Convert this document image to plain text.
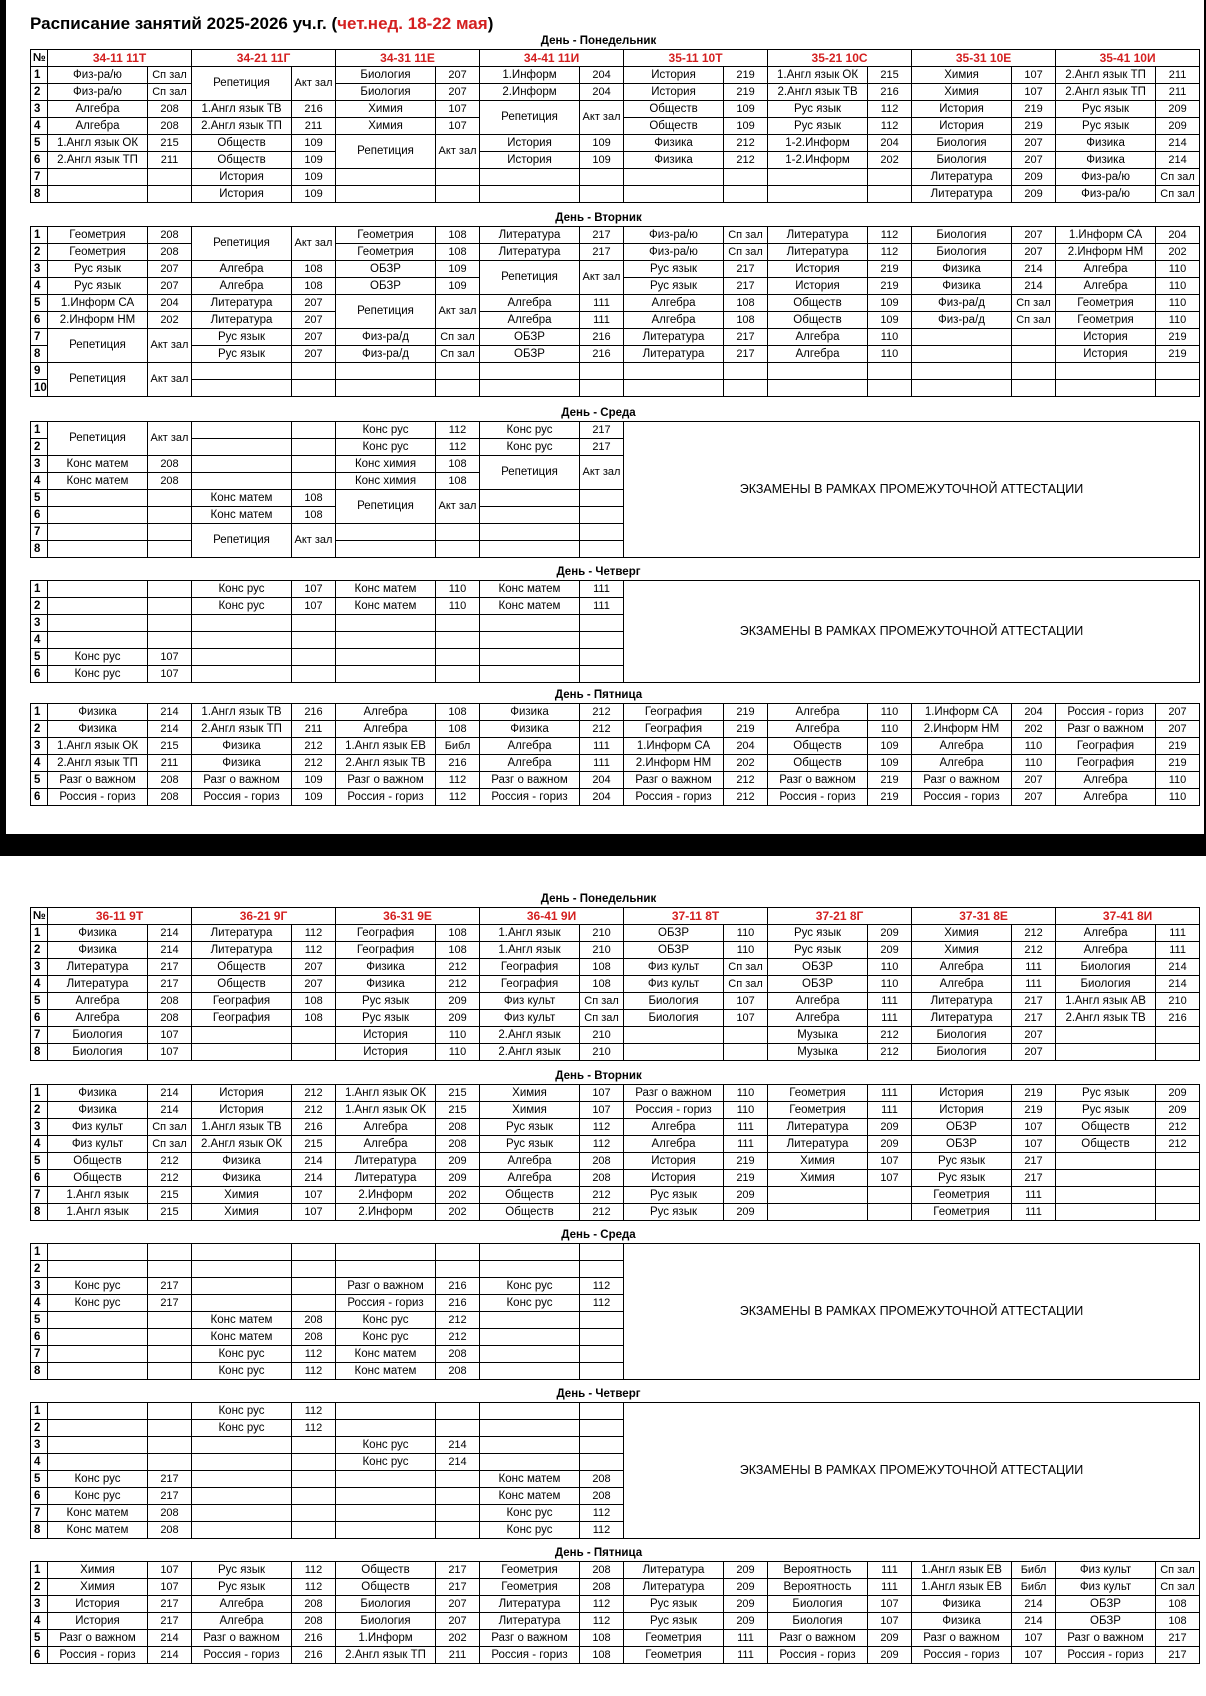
Расписание занятий 2025-2026 уч.г. (чет.нед. 18-22 мая)
День - Понедельник
№	34-11 11Т		34-21 11Г		34-31 11Е		34-41 11И		35-11 10Т		35-21 10С		35-31 10Е		35-41 10И	
1	Физ-ра/ю	Сп зал	Репетиция	Акт зал	Биология	207	1.Информ	204	История	219	1.Англ язык ОК	215	Химия	107	2.Англ язык ТП	211
2	Физ-ра/ю	Сп зал			Биология	207	2.Информ	204	История	219	2.Англ язык ТВ	216	Химия	107	2.Англ язык ТП	211
3	Алгебра	208	1.Англ язык ТВ	216	Химия	107	Репетиция	Акт зал	Обществ	109	Рус язык	112	История	219	Рус язык	209
4	Алгебра	208	2.Англ язык ТП	211	Химия	107			Обществ	109	Рус язык	112	История	219	Рус язык	209
5	1.Англ язык ОК	215	Обществ	109	Репетиция	Акт зал	История	109	Физика	212	1-2.Информ	204	Биология	207	Физика	214
6	2.Англ язык ТП	211	Обществ	109			История	109	Физика	212	1-2.Информ	202	Биология	207	Физика	214
7			История	109									Литература	209	Физ-ра/ю	Сп зал
8			История	109									Литература	209	Физ-ра/ю	Сп зал
День - Вторник
1	Геометрия	208	Репетиция	Акт зал	Геометрия	108	Литература	217	Физ-ра/ю	Сп зал	Литература	112	Биология	207	1.Информ СА	204
2	Геометрия	208			Геометрия	108	Литература	217	Физ-ра/ю	Сп зал	Литература	112	Биология	207	2.Информ НМ	202
3	Рус язык	207	Алгебра	108	ОБЗР	109	Репетиция	Акт зал	Рус язык	217	История	219	Физика	214	Алгебра	110
4	Рус язык	207	Алгебра	108	ОБЗР	109			Рус язык	217	История	219	Физика	214	Алгебра	110
5	1.Информ СА	204	Литература	207	Репетиция	Акт зал	Алгебра	111	Алгебра	108	Обществ	109	Физ-ра/д	Сп зал	Геометрия	110
6	2.Информ НМ	202	Литература	207			Алгебра	111	Алгебра	108	Обществ	109	Физ-ра/д	Сп зал	Геометрия	110
7	Репетиция	Акт зал	Рус язык	207	Физ-ра/д	Сп зал	ОБЗР	216	Литература	217	Алгебра	110			История	219
8			Рус язык	207	Физ-ра/д	Сп зал	ОБЗР	216	Литература	217	Алгебра	110			История	219
9	Репетиция	Акт зал														
10																
День - Среда
1	Репетиция	Акт зал			Конс рус	112	Конс рус	217	ЭКЗАМЕНЫ В РАМКАХ ПРОМЕЖУТОЧНОЙ АТТЕСТАЦИИ
2					Конс рус	112	Конс рус	217	
3	Конс матем	208			Конс химия	108	Репетиция	Акт зал	
4	Конс матем	208			Конс химия	108			
5			Конс матем	108	Репетиция	Акт зал			
6			Конс матем	108					
7			Репетиция	Акт зал					
8									
День - Четверг
1			Конс рус	107	Конс матем	110	Конс матем	111	ЭКЗАМЕНЫ В РАМКАХ ПРОМЕЖУТОЧНОЙ АТТЕСТАЦИИ
2			Конс рус	107	Конс матем	110	Конс матем	111	
3									
4									
5	Конс рус	107							
6	Конс рус	107							
День - Пятница
1	Физика	214	1.Англ язык ТВ	216	Алгебра	108	Физика	212	География	219	Алгебра	110	1.Информ СА	204	Россия - гориз	207
2	Физика	214	2.Англ язык ТП	211	Алгебра	108	Физика	212	География	219	Алгебра	110	2.Информ НМ	202	Разг о важном	207
3	1.Англ язык ОК	215	Физика	212	1.Англ язык ЕВ	Библ	Алгебра	111	1.Информ СА	204	Обществ	109	Алгебра	110	География	219
4	2.Англ язык ТП	211	Физика	212	2.Англ язык ТВ	216	Алгебра	111	2.Информ НМ	202	Обществ	109	Алгебра	110	География	219
5	Разг о важном	208	Разг о важном	109	Разг о важном	112	Разг о важном	204	Разг о важном	212	Разг о важном	219	Разг о важном	207	Алгебра	110
6	Россия - гориз	208	Россия - гориз	109	Россия - гориз	112	Россия - гориз	204	Россия - гориз	212	Россия - гориз	219	Россия - гориз	207	Алгебра	110
День - Понедельник
№	36-11 9Т		36-21 9Г		36-31 9Е		36-41 9И		37-11 8Т		37-21 8Г		37-31 8Е		37-41 8И	
1	Физика	214	Литература	112	География	108	1.Англ язык	210	ОБЗР	110	Рус язык	209	Химия	212	Алгебра	111
2	Физика	214	Литература	112	География	108	1.Англ язык	210	ОБЗР	110	Рус язык	209	Химия	212	Алгебра	111
3	Литература	217	Обществ	207	Физика	212	География	108	Физ культ	Сп зал	ОБЗР	110	Алгебра	111	Биология	214
4	Литература	217	Обществ	207	Физика	212	География	108	Физ культ	Сп зал	ОБЗР	110	Алгебра	111	Биология	214
5	Алгебра	208	География	108	Рус язык	209	Физ культ	Сп зал	Биология	107	Алгебра	111	Литература	217	1.Англ язык АВ	210
6	Алгебра	208	География	108	Рус язык	209	Физ культ	Сп зал	Биология	107	Алгебра	111	Литература	217	2.Англ язык ТВ	216
7	Биология	107			История	110	2.Англ язык	210			Музыка	212	Биология	207		
8	Биология	107			История	110	2.Англ язык	210			Музыка	212	Биология	207		
День - Вторник
1	Физика	214	История	212	1.Англ язык ОК	215	Химия	107	Разг о важном	110	Геометрия	111	История	219	Рус язык	209
2	Физика	214	История	212	1.Англ язык ОК	215	Химия	107	Россия - гориз	110	Геометрия	111	История	219	Рус язык	209
3	Физ культ	Сп зал	1.Англ язык ТВ	216	Алгебра	208	Рус язык	112	Алгебра	111	Литература	209	ОБЗР	107	Обществ	212
4	Физ культ	Сп зал	2.Англ язык ОК	215	Алгебра	208	Рус язык	112	Алгебра	111	Литература	209	ОБЗР	107	Обществ	212
5	Обществ	212	Физика	214	Литература	209	Алгебра	208	История	219	Химия	107	Рус язык	217		
6	Обществ	212	Физика	214	Литература	209	Алгебра	208	История	219	Химия	107	Рус язык	217		
7	1.Англ язык	215	Химия	107	2.Информ	202	Обществ	212	Рус язык	209			Геометрия	111		
8	1.Англ язык	215	Химия	107	2.Информ	202	Обществ	212	Рус язык	209			Геометрия	111		
День - Среда
1									ЭКЗАМЕНЫ В РАМКАХ ПРОМЕЖУТОЧНОЙ АТТЕСТАЦИИ
2									
3	Конс рус	217			Разг о важном	216	Конс рус	112	
4	Конс рус	217			Россия - гориз	216	Конс рус	112	
5			Конс матем	208	Конс рус	212			
6			Конс матем	208	Конс рус	212			
7			Конс рус	112	Конс матем	208			
8			Конс рус	112	Конс матем	208			
День - Четверг
1			Конс рус	112					ЭКЗАМЕНЫ В РАМКАХ ПРОМЕЖУТОЧНОЙ АТТЕСТАЦИИ
2			Конс рус	112					
3					Конс рус	214			
4					Конс рус	214			
5	Конс рус	217					Конс матем	208	
6	Конс рус	217					Конс матем	208	
7	Конс матем	208					Конс рус	112	
8	Конс матем	208					Конс рус	112	
День - Пятница
1	Химия	107	Рус язык	112	Обществ	217	Геометрия	208	Литература	209	Вероятность	111	1.Англ язык ЕВ	Библ	Физ культ	Сп зал
2	Химия	107	Рус язык	112	Обществ	217	Геометрия	208	Литература	209	Вероятность	111	1.Англ язык ЕВ	Библ	Физ культ	Сп зал
3	История	217	Алгебра	208	Биология	207	Литература	112	Рус язык	209	Биология	107	Физика	214	ОБЗР	108
4	История	217	Алгебра	208	Биология	207	Литература	112	Рус язык	209	Биология	107	Физика	214	ОБЗР	108
5	Разг о важном	214	Разг о важном	216	1.Информ	202	Разг о важном	108	Геометрия	111	Разг о важном	209	Разг о важном	107	Разг о важном	217
6	Россия - гориз	214	Россия - гориз	216	2.Англ язык ТП	211	Россия - гориз	108	Геометрия	111	Россия - гориз	209	Россия - гориз	107	Россия - гориз	217
